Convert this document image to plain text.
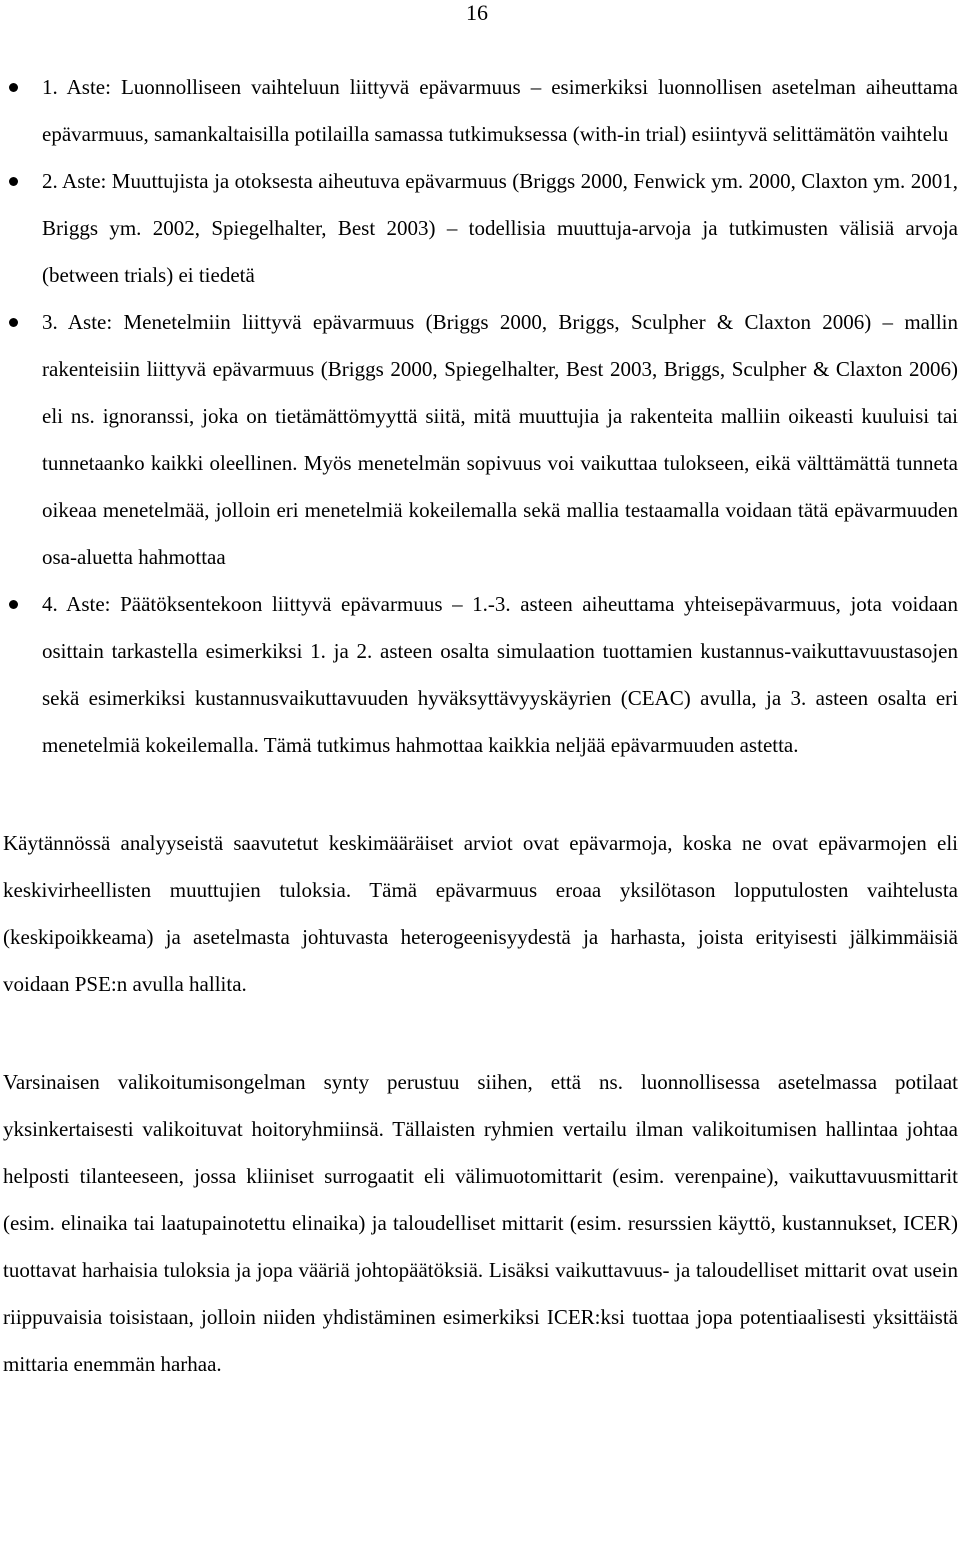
16
1. Aste: Luonnolliseen vaihteluun liittyvä epävarmuus – esimerkiksi luonnollisen asetelman aiheuttama epävarmuus, samankaltaisilla potilailla samassa tutkimuksessa (with-in trial) esiintyvä selittämätön vaihtelu
2. Aste: Muuttujista ja otoksesta aiheutuva epävarmuus (Briggs 2000, Fenwick ym. 2000, Claxton ym. 2001, Briggs ym. 2002, Spiegelhalter, Best 2003) – todellisia muuttuja-arvoja ja tutkimusten välisiä arvoja (between trials) ei tiedetä
3. Aste: Menetelmiin liittyvä epävarmuus (Briggs 2000, Briggs, Sculpher & Claxton 2006) – mallin rakenteisiin liittyvä epävarmuus (Briggs 2000, Spiegelhalter, Best 2003, Briggs, Sculpher & Claxton 2006) eli ns. ignoranssi, joka on tietämättömyyttä siitä, mitä muuttujia ja rakenteita malliin oikeasti kuuluisi tai tunnetaanko kaikki oleellinen. Myös menetelmän sopivuus voi vaikuttaa tulokseen, eikä välttämättä tunneta oikeaa menetelmää, jolloin eri menetelmiä kokeilemalla sekä mallia testaamalla voidaan tätä epävarmuuden osa-aluetta hahmottaa
4. Aste: Päätöksentekoon liittyvä epävarmuus – 1.-3. asteen aiheuttama yhteisepävarmuus, jota voidaan osittain tarkastella esimerkiksi 1. ja 2. asteen osalta simulaation tuottamien kustannus-vaikuttavuustasojen sekä esimerkiksi kustannusvaikuttavuuden hyväksyttävyyskäyrien (CEAC) avulla, ja 3. asteen osalta eri menetelmiä kokeilemalla. Tämä tutkimus hahmottaa kaikkia neljää epävarmuuden astetta.

Käytännössä analyyseistä saavutetut keskimääräiset arviot ovat epävarmoja, koska ne ovat epävarmojen eli keskivirheellisten muuttujien tuloksia. Tämä epävarmuus eroaa yksilötason lopputulosten vaihtelusta (keskipoikkeama) ja asetelmasta johtuvasta heterogeenisyydestä ja harhasta, joista erityisesti jälkimmäisiä voidaan PSE:n avulla hallita.

Varsinaisen valikoitumisongelman synty perustuu siihen, että ns. luonnollisessa asetelmassa potilaat yksinkertaisesti valikoituvat hoitoryhmiinsä. Tällaisten ryhmien vertailu ilman valikoitumisen hallintaa johtaa helposti tilanteeseen, jossa kliiniset surrogaatit eli välimuotomittarit (esim. verenpaine), vaikuttavuusmittarit (esim. elinaika tai laatupainotettu elinaika) ja taloudelliset mittarit (esim. resurssien käyttö, kustannukset, ICER) tuottavat harhaisia tuloksia ja jopa vääriä johtopäätöksiä. Lisäksi vaikuttavuus- ja taloudelliset mittarit ovat usein riippuvaisia toisistaan, jolloin niiden yhdistäminen esimerkiksi ICER:ksi tuottaa jopa potentiaalisesti yksittäistä mittaria enemmän harhaa.
